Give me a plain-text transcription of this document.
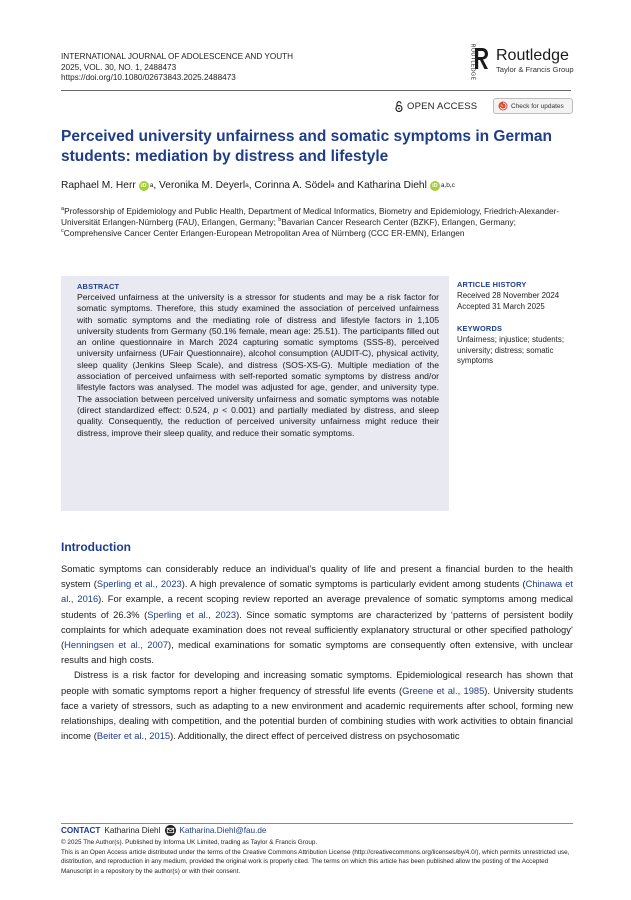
INTERNATIONAL JOURNAL OF ADOLESCENCE AND YOUTH
2025, VOL. 30, NO. 1, 2488473
https://doi.org/10.1080/02673843.2025.2488473	ROUTLEDGE Routledge
Taylor & Francis Group
OPEN ACCESS	Check for updates
Perceived university unfairness and somatic symptoms in German students: mediation by distress and lifestyle
Raphael M. Herr iD a , Veronika M. Deyerl a , Corinna A. Södel a and Katharina Diehl iD a,b,c
$^a$Professorship of Epidemiology and Public Health, Department of Medical Informatics, Biometry and Epidemiology, Friedrich-Alexander-Universität Erlangen-Nürnberg (FAU), Erlangen, Germany; $^b$Bavarian Cancer Research Center (BZKF), Erlangen, Germany; $^c$Comprehensive Cancer Center Erlangen-European Metropolitan Area of Nürnberg (CCC ER-EMN), Erlangen
ABSTRACT
Perceived unfairness at the university is a stressor for students and may be a risk factor for somatic symptoms. Therefore, this study examined the association of perceived unfairness with somatic symptoms and the mediating role of distress and lifestyle factors in 1,105 university students from Germany (50.1% female, mean age: 25.51). The participants filled out an online questionnaire in March 2024 capturing somatic symptoms (SSS-8), perceived university unfairness (UFair Questionnaire), alcohol consumption (AUDIT-C), physical activity, sleep quality (Jenkins Sleep Scale), and distress (SOS-XS-G). Multiple mediation of the association of perceived unfairness with self-reported somatic symptoms by distress and/or lifestyle factors was analysed. The model was adjusted for age, gender, and university type. The association between perceived university unfairness and somatic symptoms was notable (direct standardized effect: 0.524, p < 0.001) and partially mediated by distress, and sleep quality. Consequently, the reduction of perceived university unfairness might reduce their distress, improve their sleep quality, and reduce their somatic symptoms.
ARTICLE HISTORY
Received 28 November 2024
Accepted 31 March 2025
KEYWORDS
Unfairness; injustice; students; university; distress; somatic symptoms
Introduction

Somatic symptoms can considerably reduce an individual’s quality of life and present a financial burden to the health system (Sperling et al., 2023). A high prevalence of somatic symptoms is particularly evident among students (Chinawa et al., 2016). For example, a recent scoping review reported an average prevalence of somatic symptoms among medical students of 26.3% (Sperling et al., 2023). Since somatic symptoms are characterized by ‘patterns of persistent bodily complaints for which adequate examination does not reveal sufficiently explanatory structural or other specified pathology’ (Henningsen et al., 2007), medical examinations for somatic symptoms are consequently often extensive, with unclear results and high costs.

Distress is a risk factor for developing and increasing somatic symptoms. Epidemiological research has shown that people with somatic symptoms report a higher frequency of stressful life events (Greene et al., 1985). University students face a variety of stressors, such as adapting to a new environment and academic requirements after school, forming new relationships, dealing with competition, and the potential burden of combining studies with work activities to obtain financial income (Beiter et al., 2015). Additionally, the direct effect of perceived distress on psychosomatic

CONTACT Katharina Diehl Katharina.Diehl@fau.de
© 2025 The Author(s). Published by Informa UK Limited, trading as Taylor & Francis Group.
This is an Open Access article distributed under the terms of the Creative Commons Attribution License (http://creativecommons.org/licenses/by/4.0/), which permits unrestricted use, distribution, and reproduction in any medium, provided the original work is properly cited. The terms on which this article has been published allow the posting of the Accepted Manuscript in a repository by the author(s) or with their consent.
